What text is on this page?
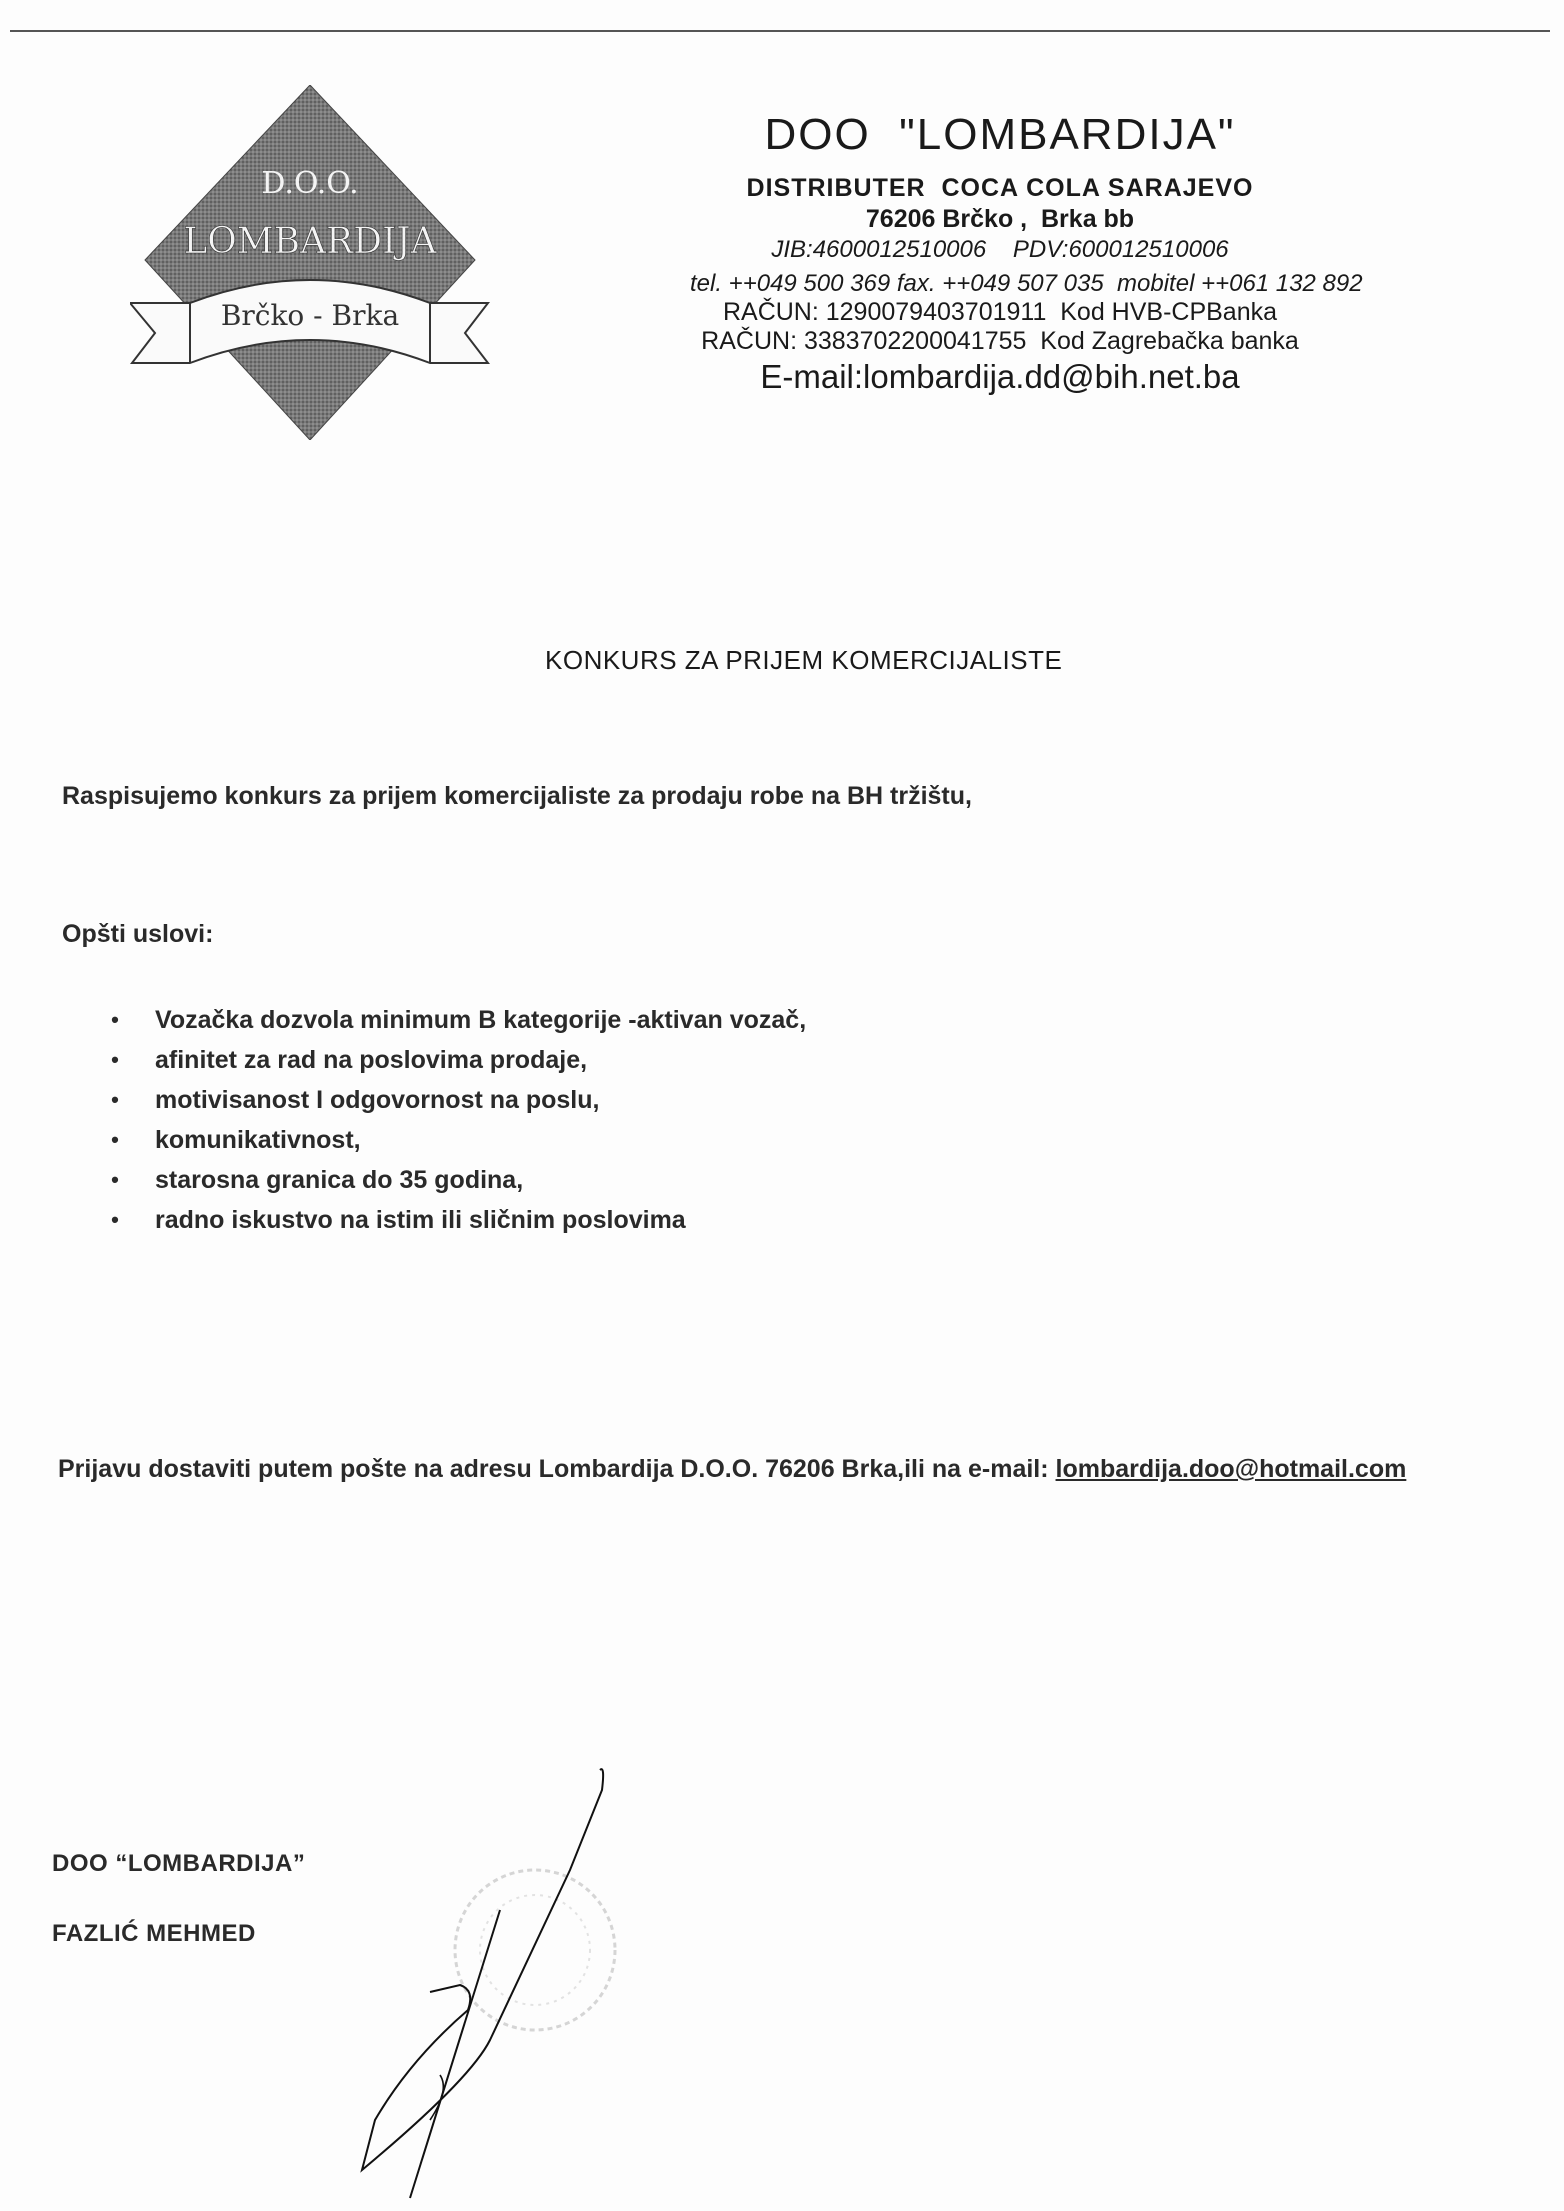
D.O.O.
LOMBARDIJA
Brčko - Brka
DOO  "LOMBARDIJA"
DISTRIBUTER  COCA COLA SARAJEVO
76206 Brčko ,  Brka bb
JIB:4600012510006    PDV:600012510006
tel. ++049 500 369 fax. ++049 507 035  mobitel ++061 132 892
RAČUN: 1290079403701911  Kod HVB-CPBanka
RAČUN: 3383702200041755  Kod Zagrebačka banka
E-mail:lombardija.dd@bih.net.ba
KONKURS ZA PRIJEM KOMERCIJALISTE
Raspisujemo konkurs za prijem komercijaliste za prodaju robe na BH tržištu,
Opšti uslovi:
• Vozačka dozvola minimum B kategorije -aktivan vozač,
• afinitet za rad na poslovima prodaje,
• motivisanost I odgovornost na poslu,
• komunikativnost,
• starosna granica do 35 godina,
• radno iskustvo na istim ili sličnim poslovima
Prijavu dostaviti putem pošte na adresu Lombardija D.O.O. 76206 Brka,ili na e-mail: lombardija.doo@hotmail.com
DOO “LOMBARDIJA”
FAZLIĆ MEHMED
